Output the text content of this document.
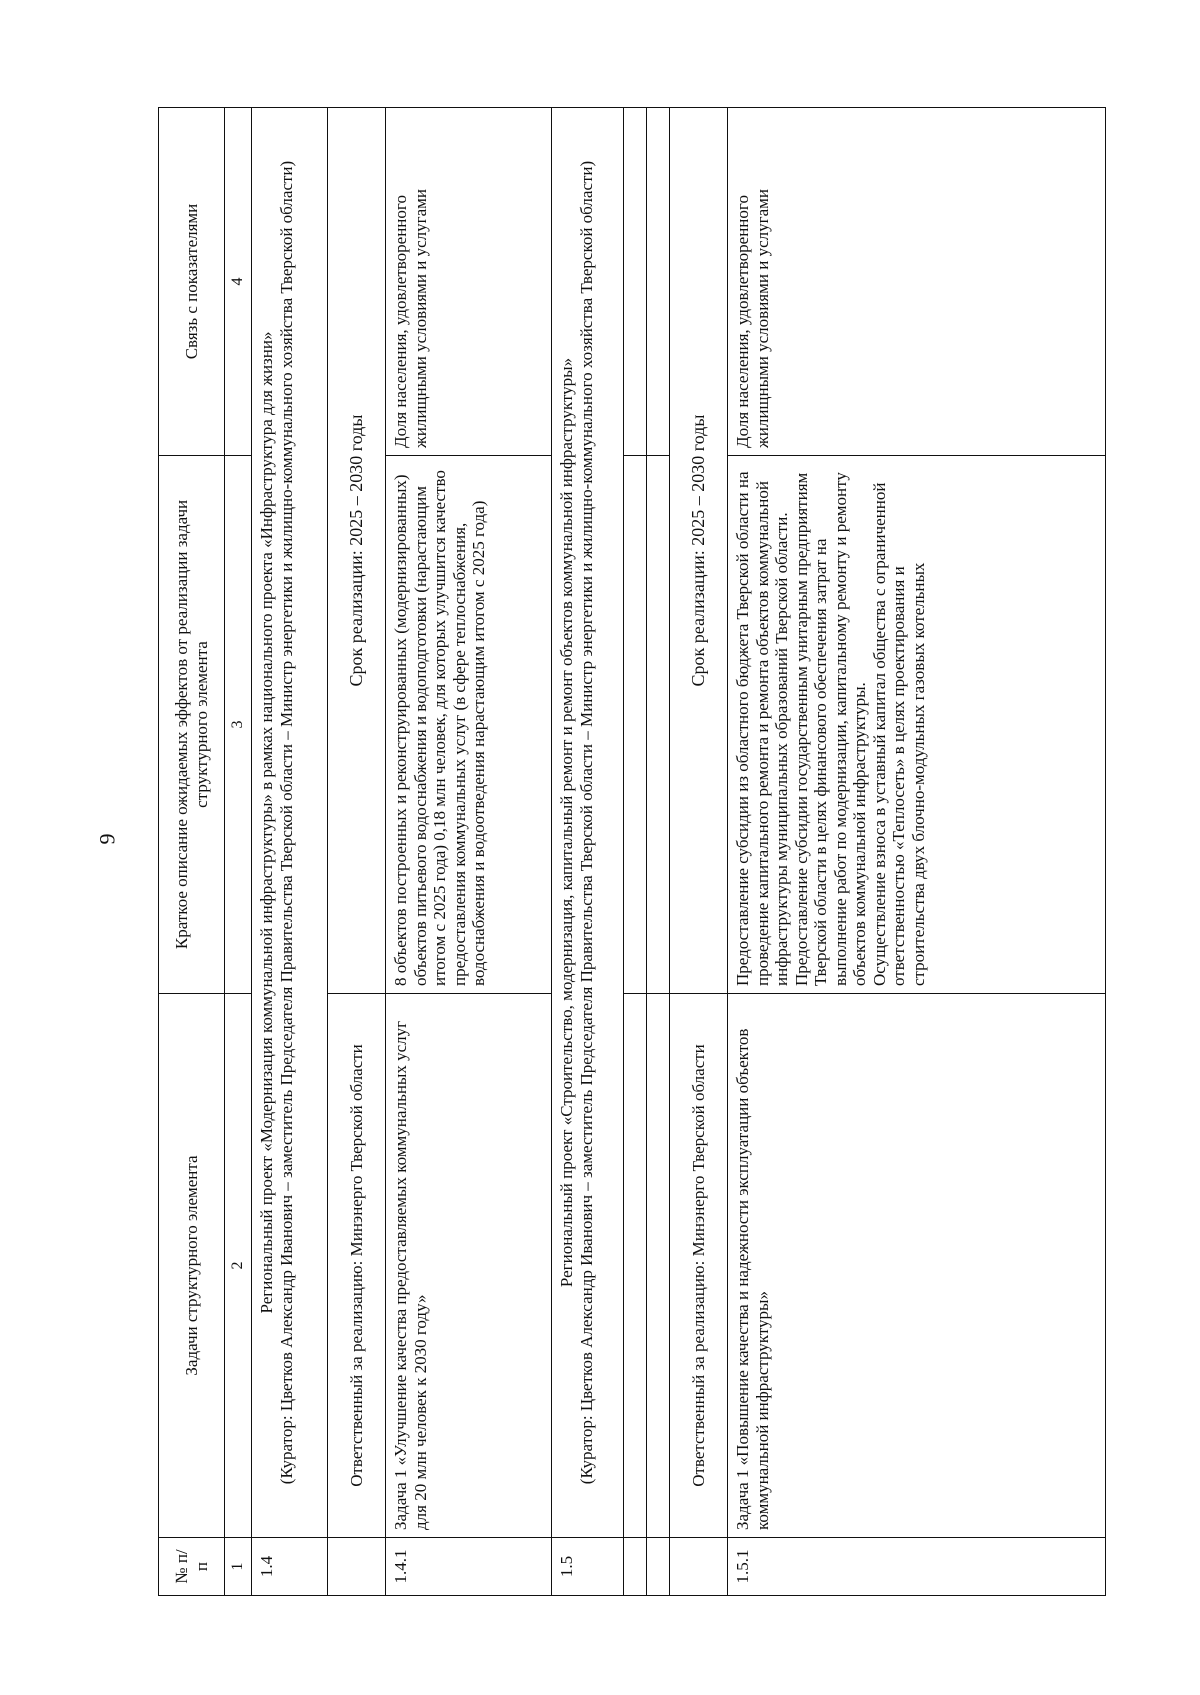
9
№ п/п	Задачи структурного элемента	Краткое описание ожидаемых эффектов от реализации задачи структурного элемента	Связь с показателями
1	2	3	4
1.4	Региональный проект «Модернизация коммунальной инфраструктуры» в рамках национального проекта «Инфраструктура для жизни» (Куратор: Цветков Александр Иванович – заместитель Председателя Правительства Тверской области – Министр энергетики и жилищно-коммунального хозяйства Тверской области)		

	Ответственный за реализацию: Минэнерго Тверской области	Срок реализации: 2025 – 2030 годы	
1.4.1	Задача 1 «Улучшение качества предоставляемых коммунальных услуг для 20 млн человек к 2030 году»	8 объектов построенных и реконструированных (модернизированных) объектов питьевого водоснабжения и водоподготовки (нарастающим итогом с 2025 года) 0,18 млн человек, для которых улучшится качество предоставления коммунальных услуг (в сфере теплоснабжения, водоснабжения и водоотведения нарастающим итогом с 2025 года)	Доля населения, удовлетворенного жилищными условиями и услугами
1.5	Региональный проект «Строительство, модернизация, капитальный ремонт и ремонт объектов коммунальной инфраструктуры» (Куратор: Цветков Александр Иванович – заместитель Председателя Правительства Тверской области – Министр энергетики и жилищно-коммунального хозяйства Тверской области)		

	Ответственный за реализацию: Минэнерго Тверской области	Срок реализации: 2025 – 2030 годы	
1.5.1	Задача 1 «Повышение качества и надежности эксплуатации объектов коммунальной инфраструктуры»	Предоставление субсидии из областного бюджета Тверской области на проведение капитального ремонта и ремонта объектов коммунальной инфраструктуры муниципальных образований Тверской области. Предоставление субсидии государственным унитарным предприятиям Тверской области в целях финансового обеспечения затрат на выполнение работ по модернизации, капитальному ремонту и ремонту объектов коммунальной инфраструктуры. Осуществление взноса в уставный капитал общества с ограниченной ответственностью «Теплосеть» в целях проектирования и строительства двух блочно-модульных газовых котельных	Доля населения, удовлетворенного жилищными условиями и услугами
